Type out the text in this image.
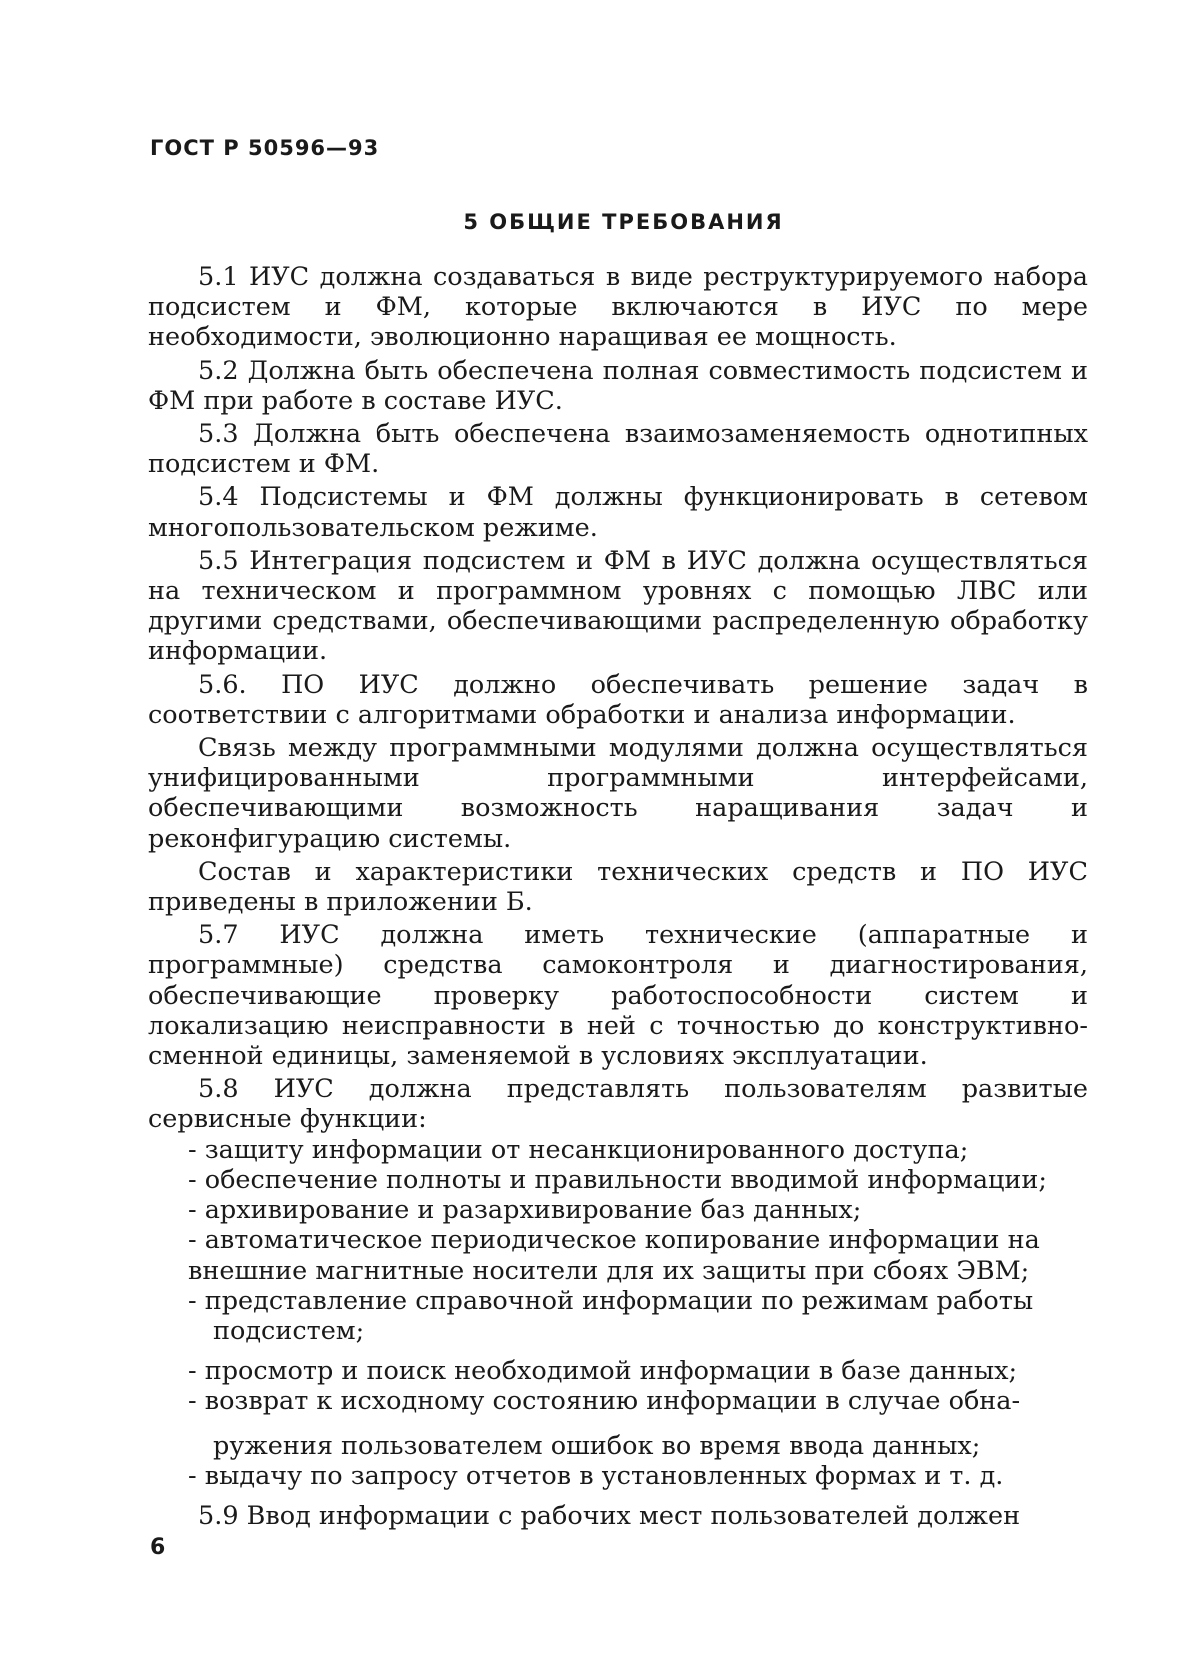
ГОСТ Р 50596—93
5 ОБЩИЕ ТРЕБОВАНИЯ

5.1 ИУС должна создаваться в виде реструктурируемого набора подсистем и ФМ, которые включаются в ИУС по мере необходимости, эволюционно наращивая ее мощность.

5.2 Должна быть обеспечена полная совместимость подсистем и ФМ при работе в составе ИУС.

5.3 Должна быть обеспечена взаимозаменяемость однотипных подсистем и ФМ.

5.4 Подсистемы и ФМ должны функционировать в сетевом многопользовательском режиме.

5.5 Интеграция подсистем и ФМ в ИУС должна осуществляться на техническом и программном уровнях с помощью ЛВС или другими средствами, обеспечивающими распределенную обработку информации.

5.6. ПО ИУС должно обеспечивать решение задач в соответствии с алгоритмами обработки и анализа информации.

Связь между программными модулями должна осуществляться унифицированными программными интерфейсами, обеспечивающими возможность наращивания задач и реконфигурацию системы.

Состав и характеристики технических средств и ПО ИУС приведены в приложении Б.

5.7 ИУС должна иметь технические (аппаратные и программные) средства самоконтроля и диагностирования, обеспечивающие проверку работоспособности систем и локализацию неисправности в ней с точностью до конструктивно-сменной единицы, заменяемой в условиях эксплуатации.

5.8 ИУС должна представлять пользователям развитые сервисные функции:

- защиту информации от несанкционированного доступа;
- обеспечение полноты и правильности вводимой информации;
- архивирование и разархивирование баз данных;
- автоматическое периодическое копирование информации на
внешние магнитные носители для их защиты при сбоях ЭВМ;
- представление справочной информации по режимам работы
подсистем;
- просмотр и поиск необходимой информации в базе данных;
- возврат к исходному состоянию информации в случае обна-
ружения пользователем ошибок во время ввода данных;
- выдачу по запросу отчетов в установленных формах и т. д.

5.9 Ввод информации с рабочих мест пользователей должен

6
